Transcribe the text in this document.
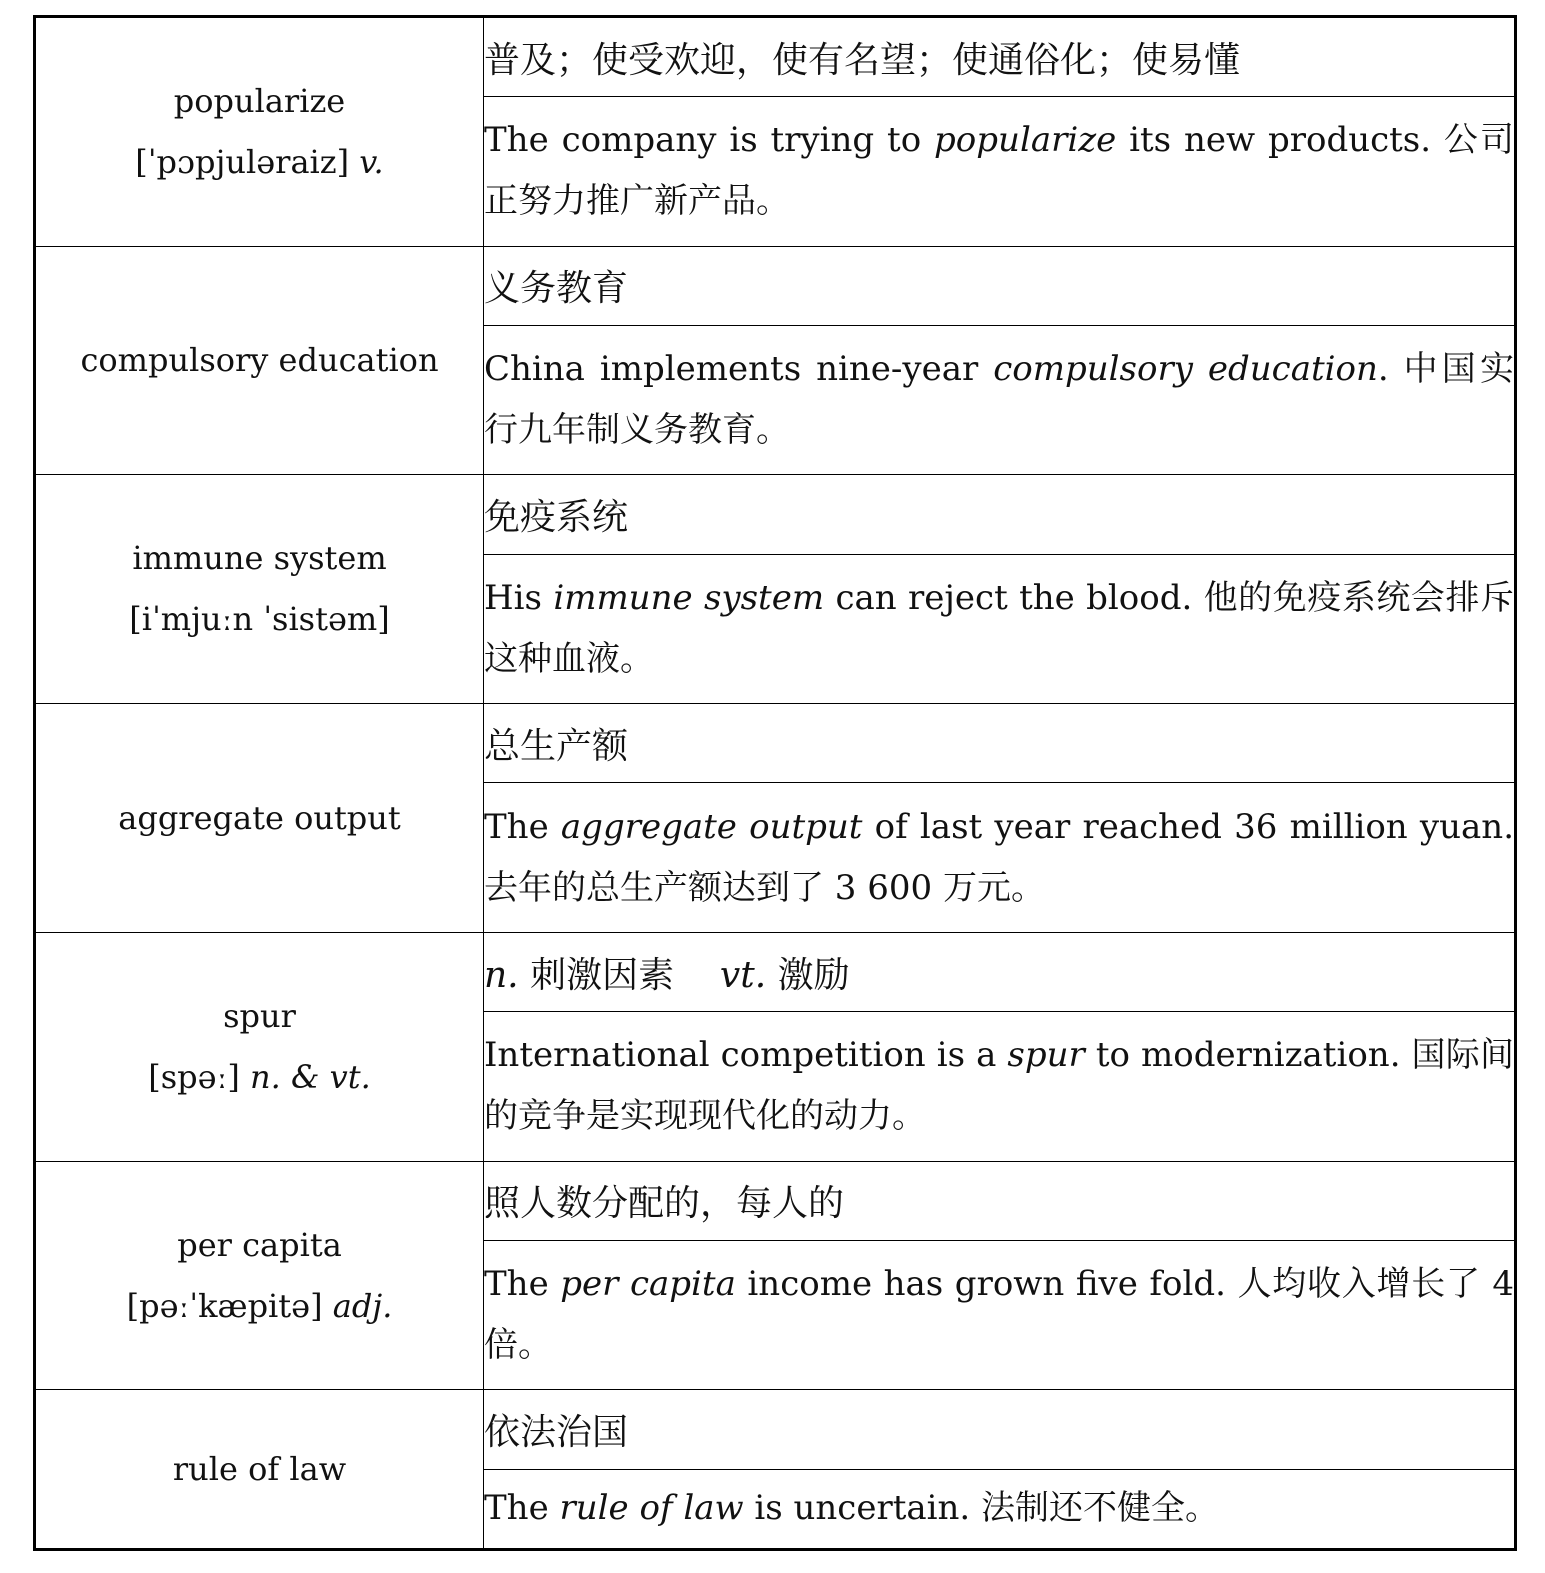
popularize
[ˈpɔpjuləraiz] v.	普及；使受欢迎，使有名望；使通俗化；使易懂
	The company is trying to popularize its new products. 公司正努力推广新产品。

compulsory education	义务教育
	China implements nine-year compulsory education. 中国实行九年制义务教育。

immune system
[iˈmjuːn ˈsistəm]	免疫系统
	His immune system can reject the blood. 他的免疫系统会排斥这种血液。

aggregate output	总生产额
	The aggregate output of last year reached 36 million yuan. 去年的总生产额达到了 3 600 万元。

spur
[spəː] n. & vt.	n. 刺激因素 vt. 激励
	International competition is a spur to modernization. 国际间的竞争是实现现代化的动力。

per capita
[pəːˈkæpitə] adj.	照人数分配的，每人的
	The per capita income has grown five fold. 人均收入增长了 4 倍。

rule of law	依法治国
	The rule of law is uncertain. 法制还不健全。
